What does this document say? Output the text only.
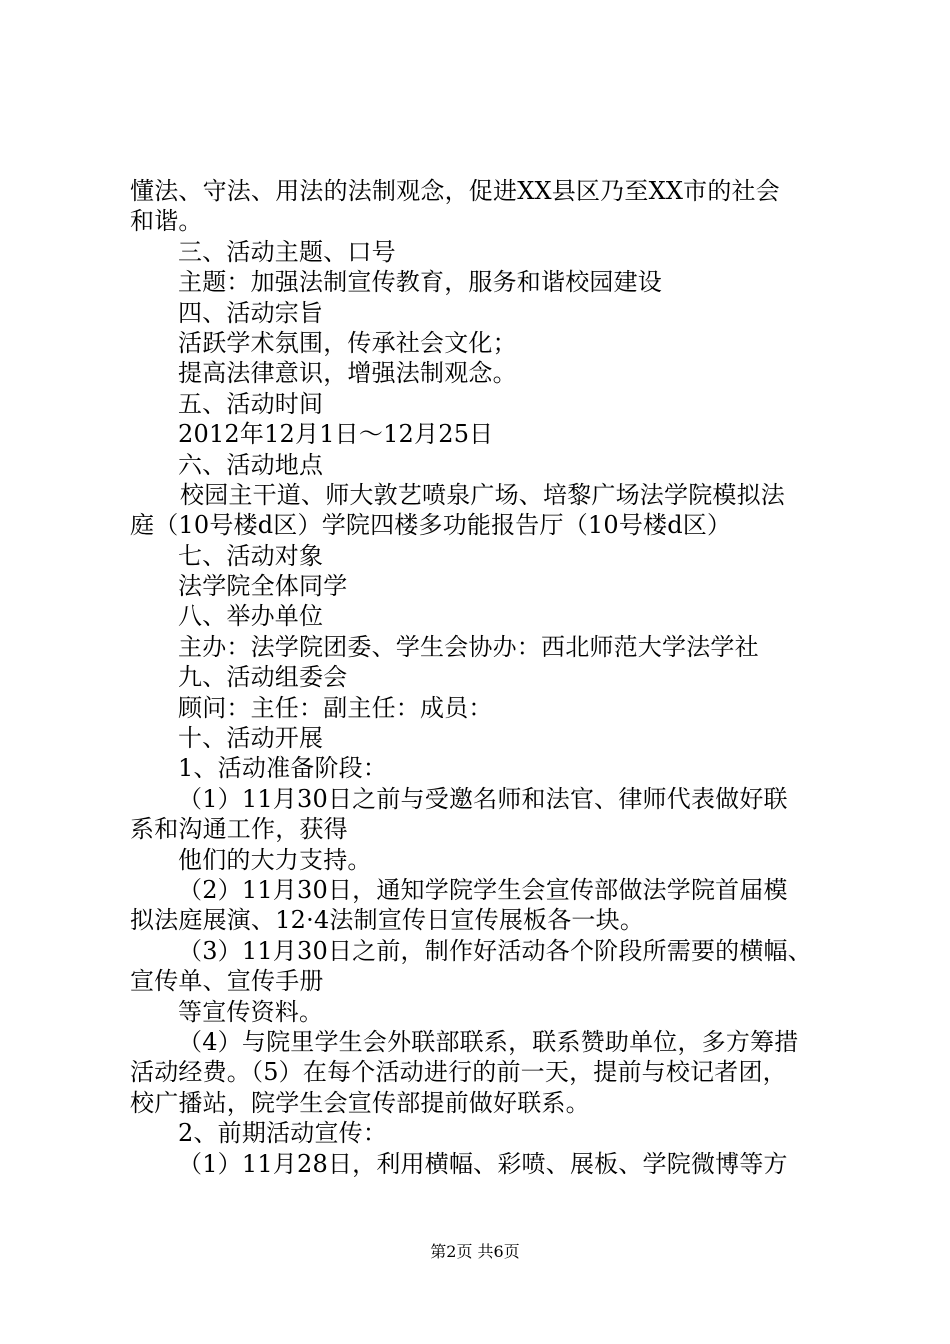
懂法、守法、用法的法制观念，促进XX县区乃至XX市的社会
和谐。
三、活动主题、口号
主题：加强法制宣传教育，服务和谐校园建设
四、活动宗旨
活跃学术氛围，传承社会文化；
提高法律意识，增强法制观念。
五、活动时间
2012年12月1日～12月25日
六、活动地点
校园主干道、师大敦艺喷泉广场、培黎广场法学院模拟法
庭（10号楼d区）学院四楼多功能报告厅（10号楼d区）
七、活动对象
法学院全体同学
八、举办单位
主办：法学院团委、学生会协办：西北师范大学法学社
九、活动组委会
顾问：主任：副主任：成员：
十、活动开展
1、活动准备阶段：
（1）11月30日之前与受邀名师和法官、律师代表做好联
系和沟通工作，获得
他们的大力支持。
（2）11月30日，通知学院学生会宣传部做法学院首届模
拟法庭展演、12·4法制宣传日宣传展板各一块。
（3）11月30日之前，制作好活动各个阶段所需要的横幅、
宣传单、宣传手册
等宣传资料。
（4）与院里学生会外联部联系，联系赞助单位，多方筹措
活动经费。（5）在每个活动进行的前一天，提前与校记者团，
校广播站，院学生会宣传部提前做好联系。
2、前期活动宣传：
（1）11月28日，利用横幅、彩喷、展板、学院微博等方
第2页 共6页
